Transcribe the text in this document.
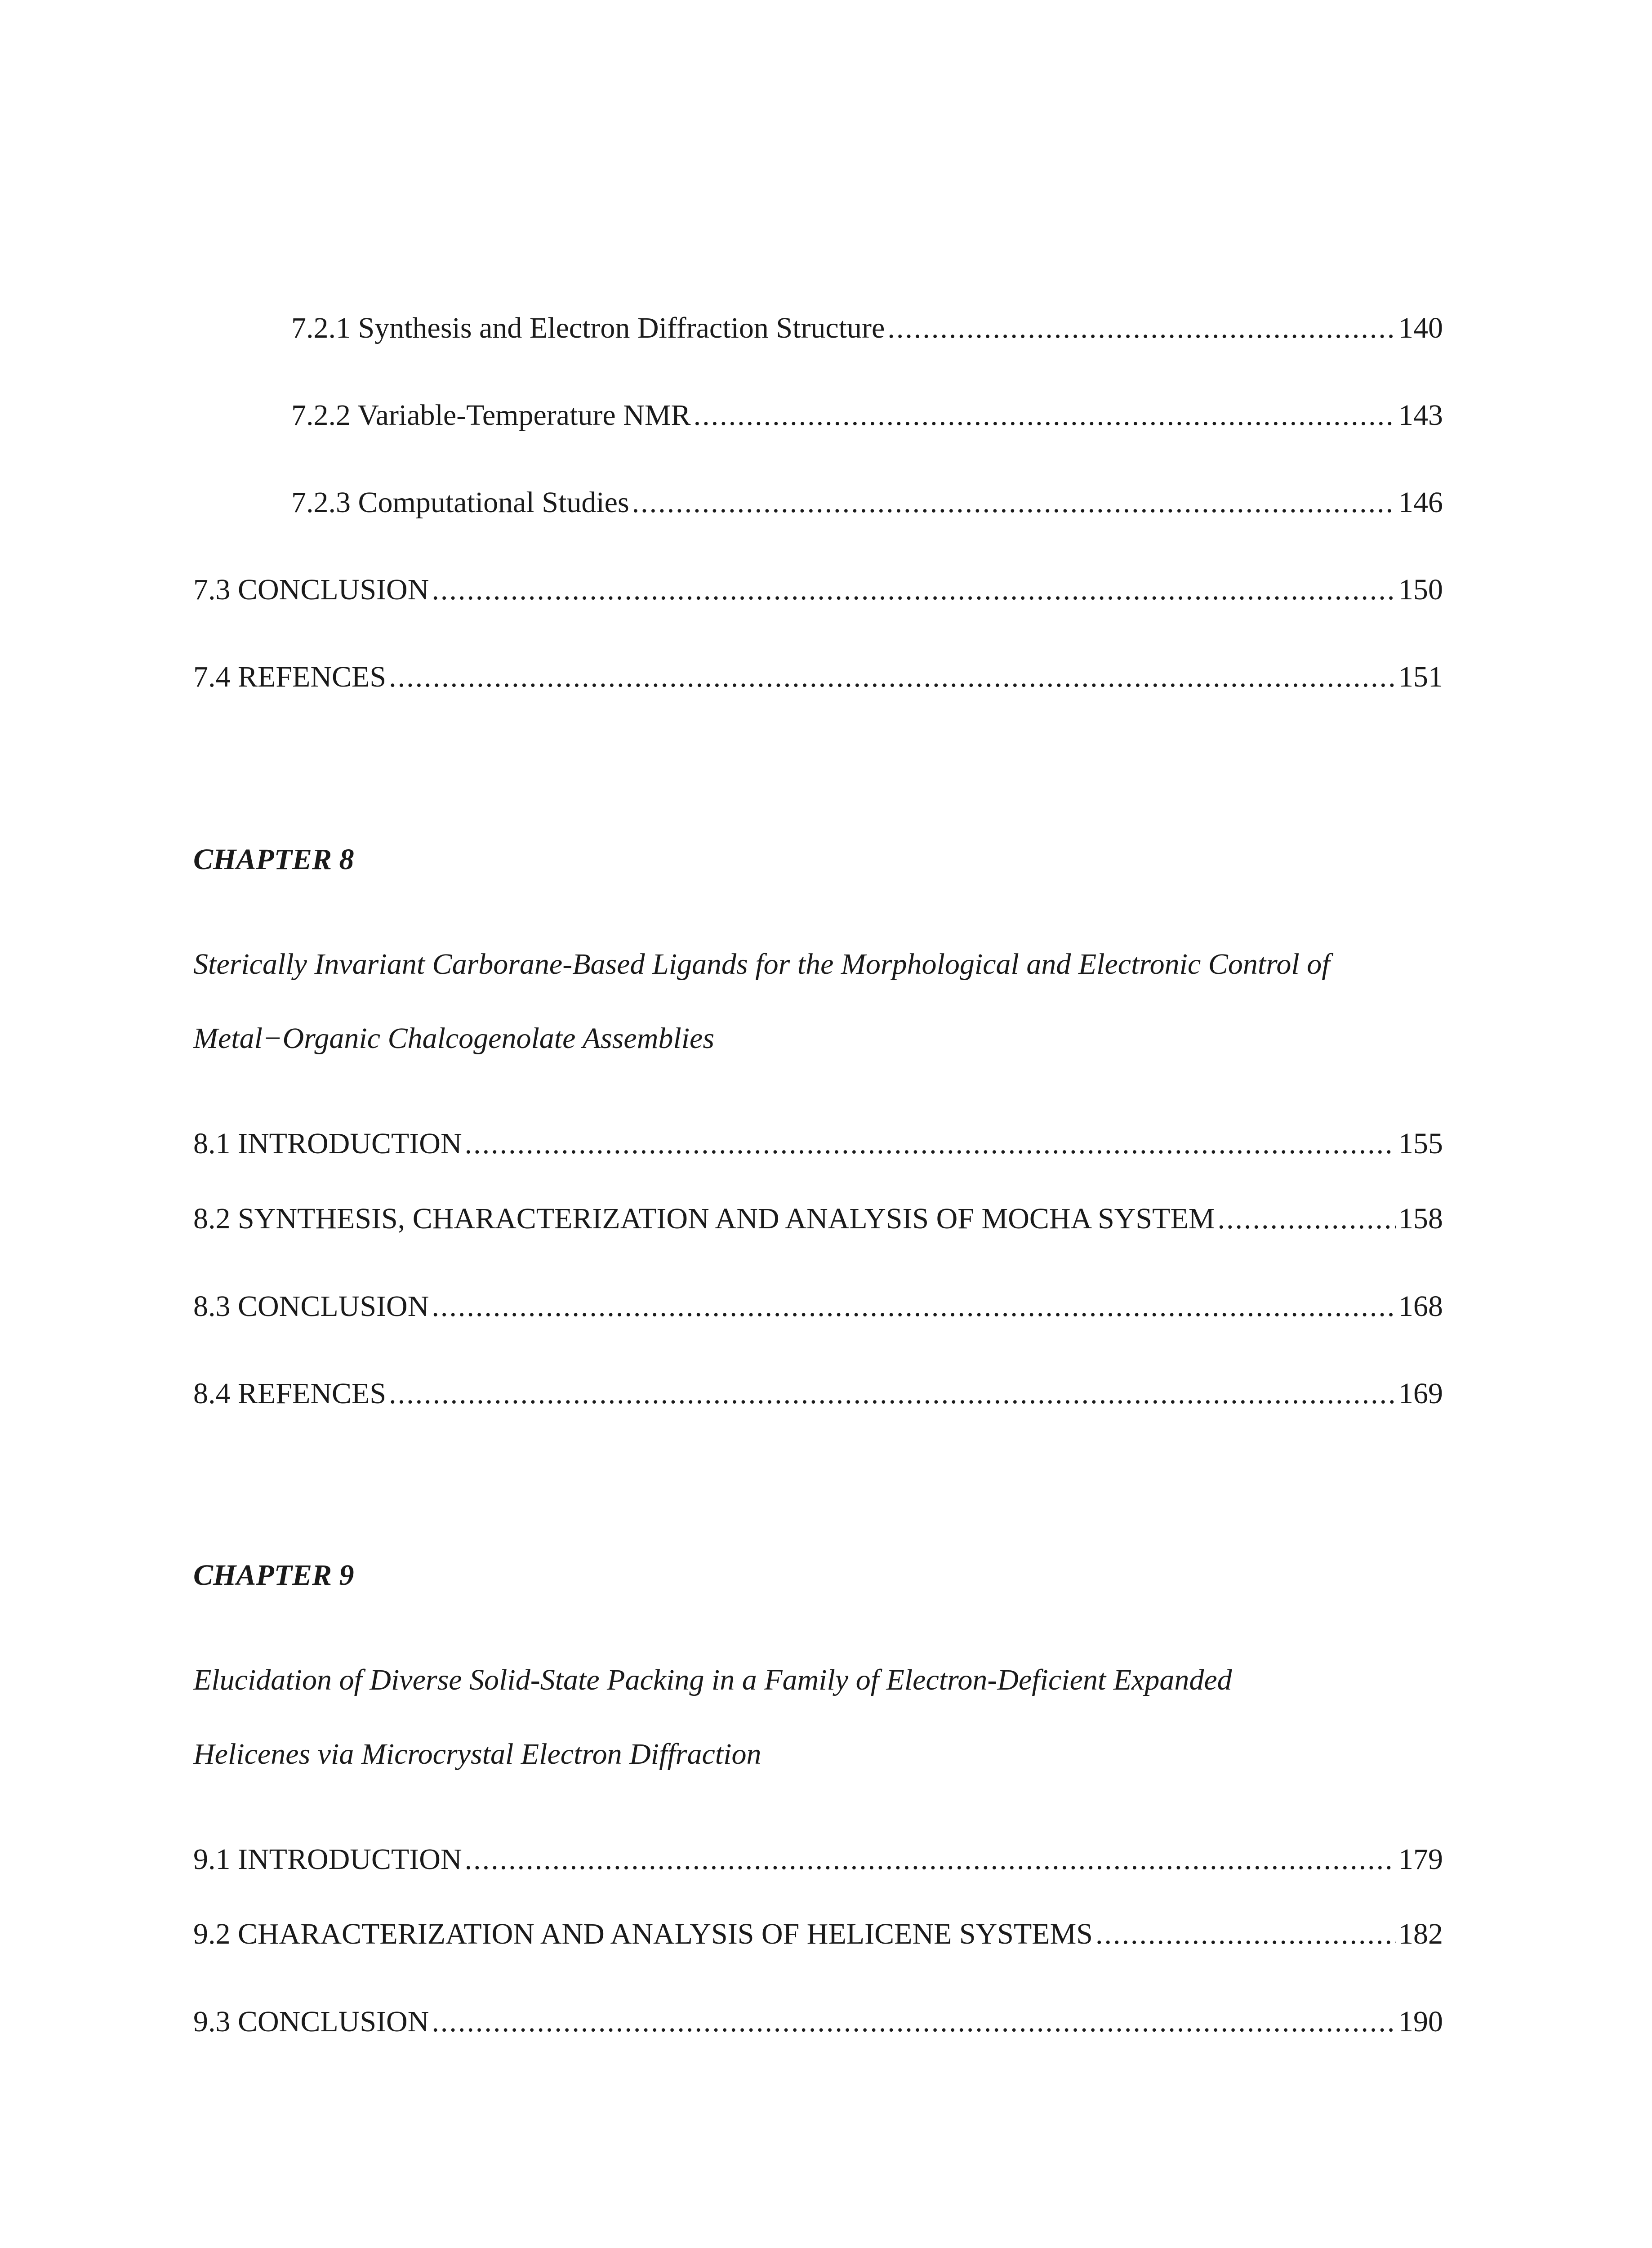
7.2.1 Synthesis and Electron Diffraction Structure .....	140
7.2.2 Variable-Temperature NMR .....	143
7.2.3 Computational Studies .....	146
7.3 CONCLUSION .....	150
7.4 REFENCES .....	151
CHAPTER 8
Sterically Invariant Carborane-Based Ligands for the Morphological and Electronic Control of
Metal−Organic Chalcogenolate Assemblies
8.1 INTRODUCTION .....	155
8.2 SYNTHESIS, CHARACTERIZATION AND ANALYSIS OF MOCHA SYSTEM .....	158
8.3 CONCLUSION .....	168
8.4 REFENCES .....	169
CHAPTER 9
Elucidation of Diverse Solid-State Packing in a Family of Electron-Deficient Expanded
Helicenes via Microcrystal Electron Diffraction
9.1 INTRODUCTION .....	179
9.2 CHARACTERIZATION AND ANALYSIS OF HELICENE SYSTEMS .....	182
9.3 CONCLUSION .....	190
